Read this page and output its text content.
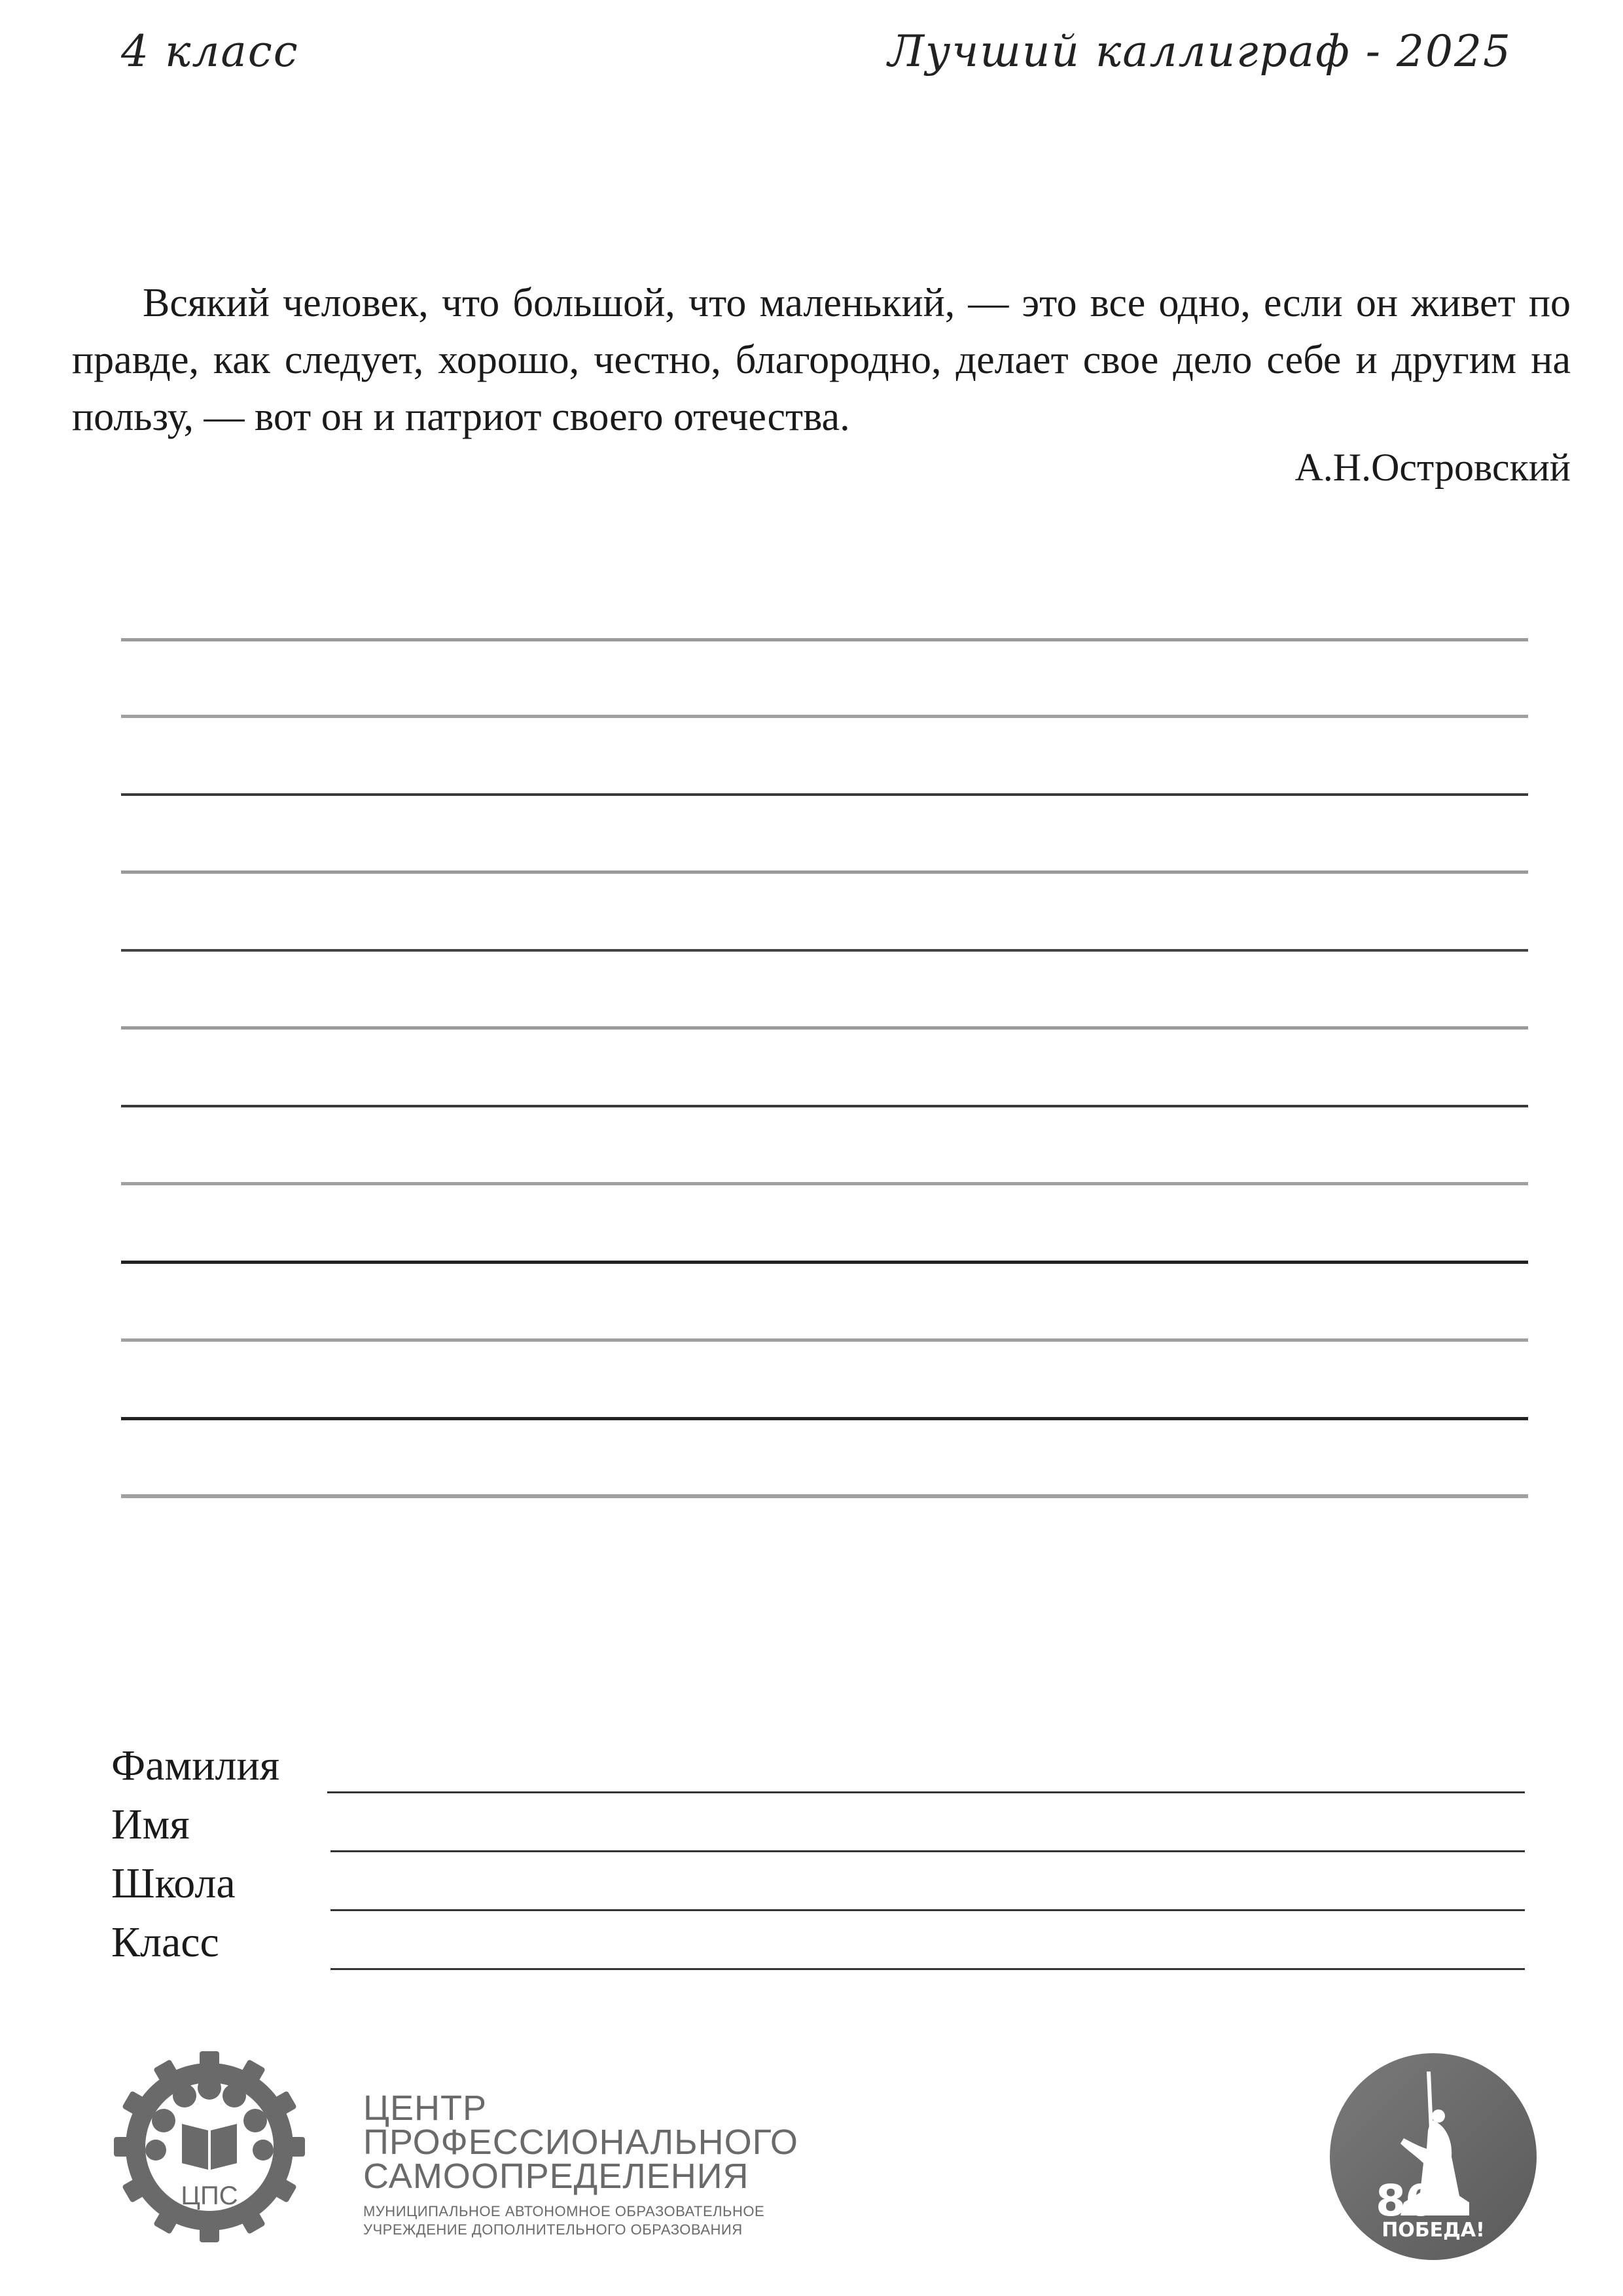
4 класс	Лучший каллиграф - 2025

Всякий человек, что большой, что маленький, — это все одно, если он живет по правде, как следует, хорошо, честно, благородно, делает свое дело себе и другим на пользу, — вот он и патриот своего отечества.

А.Н.Островский
Фамилия
Имя
Школа
Класс
ЦПС
ЦЕНТР
ПРОФЕССИОНАЛЬНОГО
САМООПРЕДЕЛЕНИЯ
МУНИЦИПАЛЬНОЕ АВТОНОМНОЕ ОБРАЗОВАТЕЛЬНОЕ
УЧРЕЖДЕНИЕ ДОПОЛНИТЕЛЬНОГО ОБРАЗОВАНИЯ
80
ПОБЕДА!
